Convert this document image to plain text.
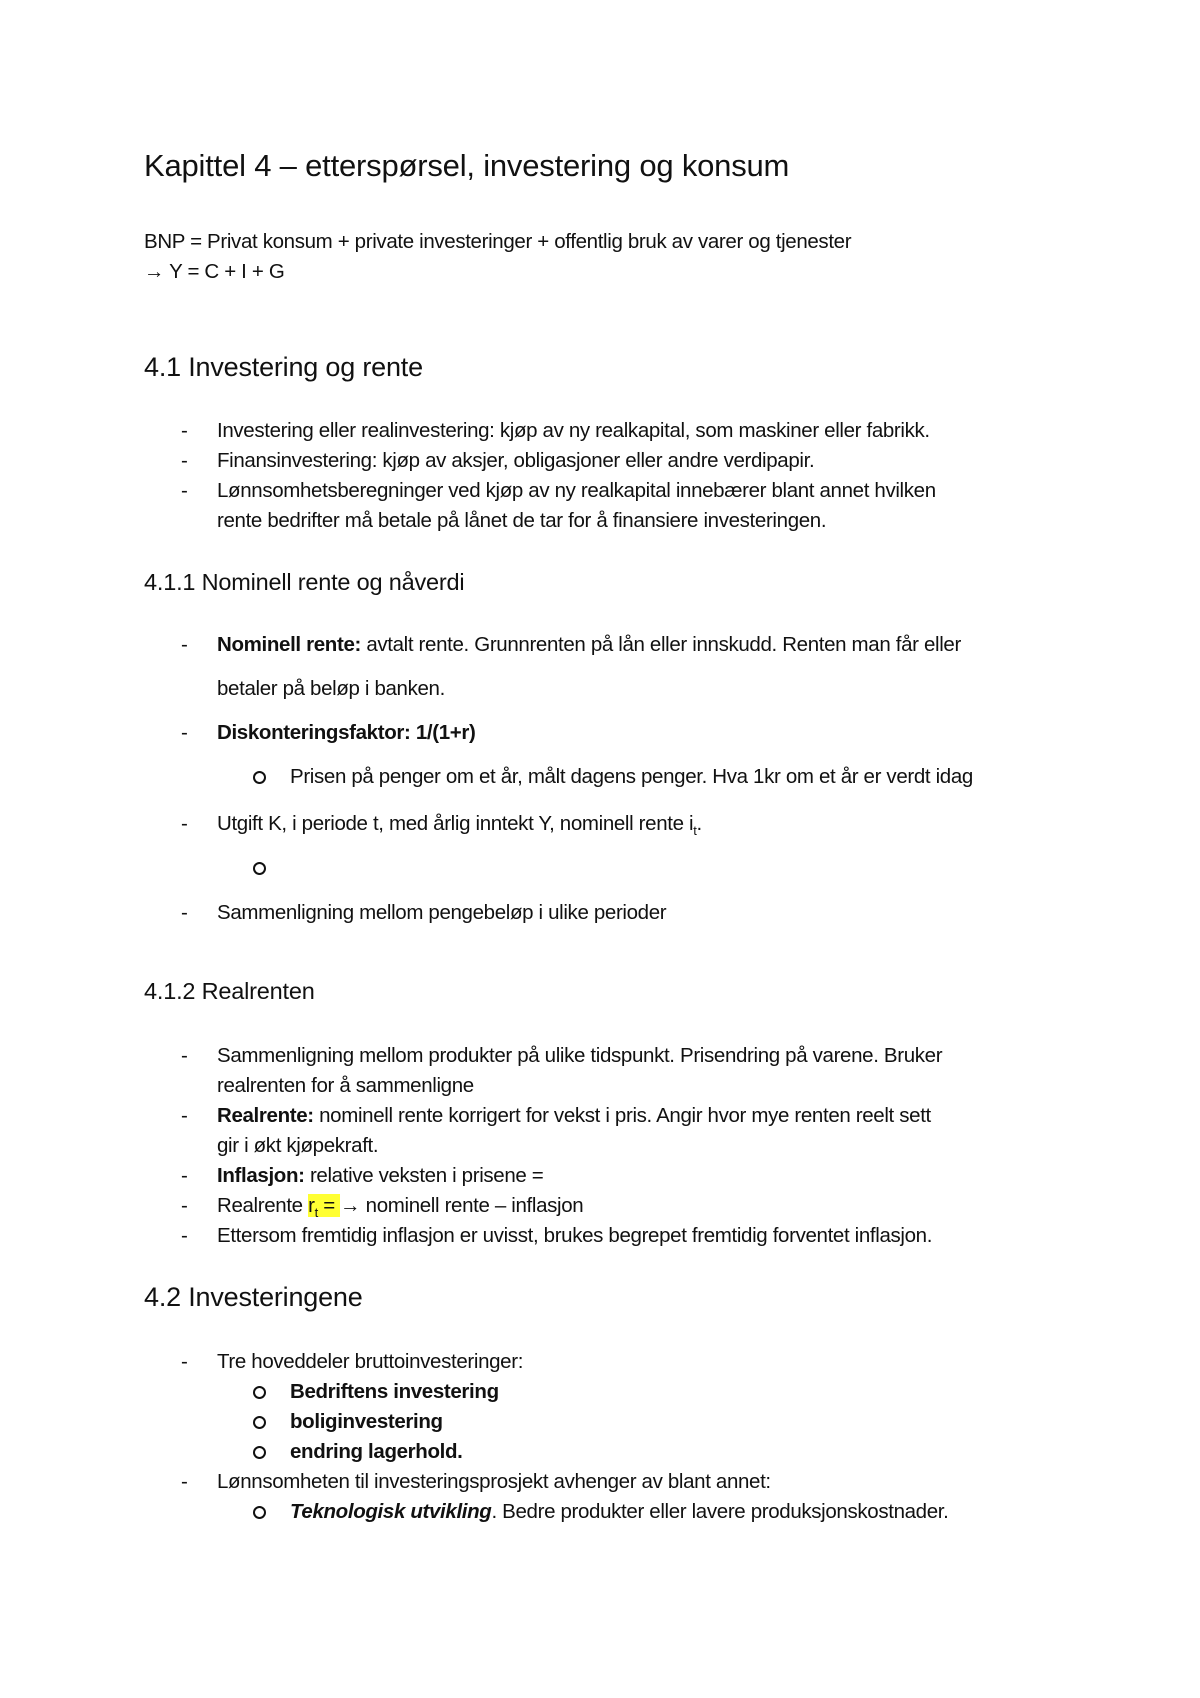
Kapittel 4 – etterspørsel, investering og konsum
BNP = Privat konsum + private investeringer + offentlig bruk av varer og tjenester
→ Y = C + I + G
4.1 Investering og rente
- Investering eller realinvestering: kjøp av ny realkapital, som maskiner eller fabrikk.
- Finansinvestering: kjøp av aksjer, obligasjoner eller andre verdipapir.
- Lønnsomhetsberegninger ved kjøp av ny realkapital innebærer blant annet hvilken
rente bedrifter må betale på lånet de tar for å finansiere investeringen.
4.1.1 Nominell rente og nåverdi
- Nominell rente: avtalt rente. Grunnrenten på lån eller innskudd. Renten man får eller
betaler på beløp i banken.
- Diskonteringsfaktor: 1/(1+r)
Prisen på penger om et år, målt dagens penger. Hva 1kr om et år er verdt idag
- Utgift K, i periode t, med årlig inntekt Y, nominell rente $i_t$.
- Sammenligning mellom pengebeløp i ulike perioder
4.1.2 Realrenten
- Sammenligning mellom produkter på ulike tidspunkt. Prisendring på varene. Bruker
realrenten for å sammenligne
- Realrente: nominell rente korrigert for vekst i pris. Angir hvor mye renten reelt sett
gir i økt kjøpekraft.
- Inflasjon: relative veksten i prisene =
- Realrente $r_t$ = → nominell rente – inflasjon
- Ettersom fremtidig inflasjon er uvisst, brukes begrepet fremtidig forventet inflasjon.
4.2 Investeringene
- Tre hoveddeler bruttoinvesteringer:
Bedriftens investering
boliginvestering
endring lagerhold.
- Lønnsomheten til investeringsprosjekt avhenger av blant annet:
Teknologisk utvikling. Bedre produkter eller lavere produksjonskostnader.
